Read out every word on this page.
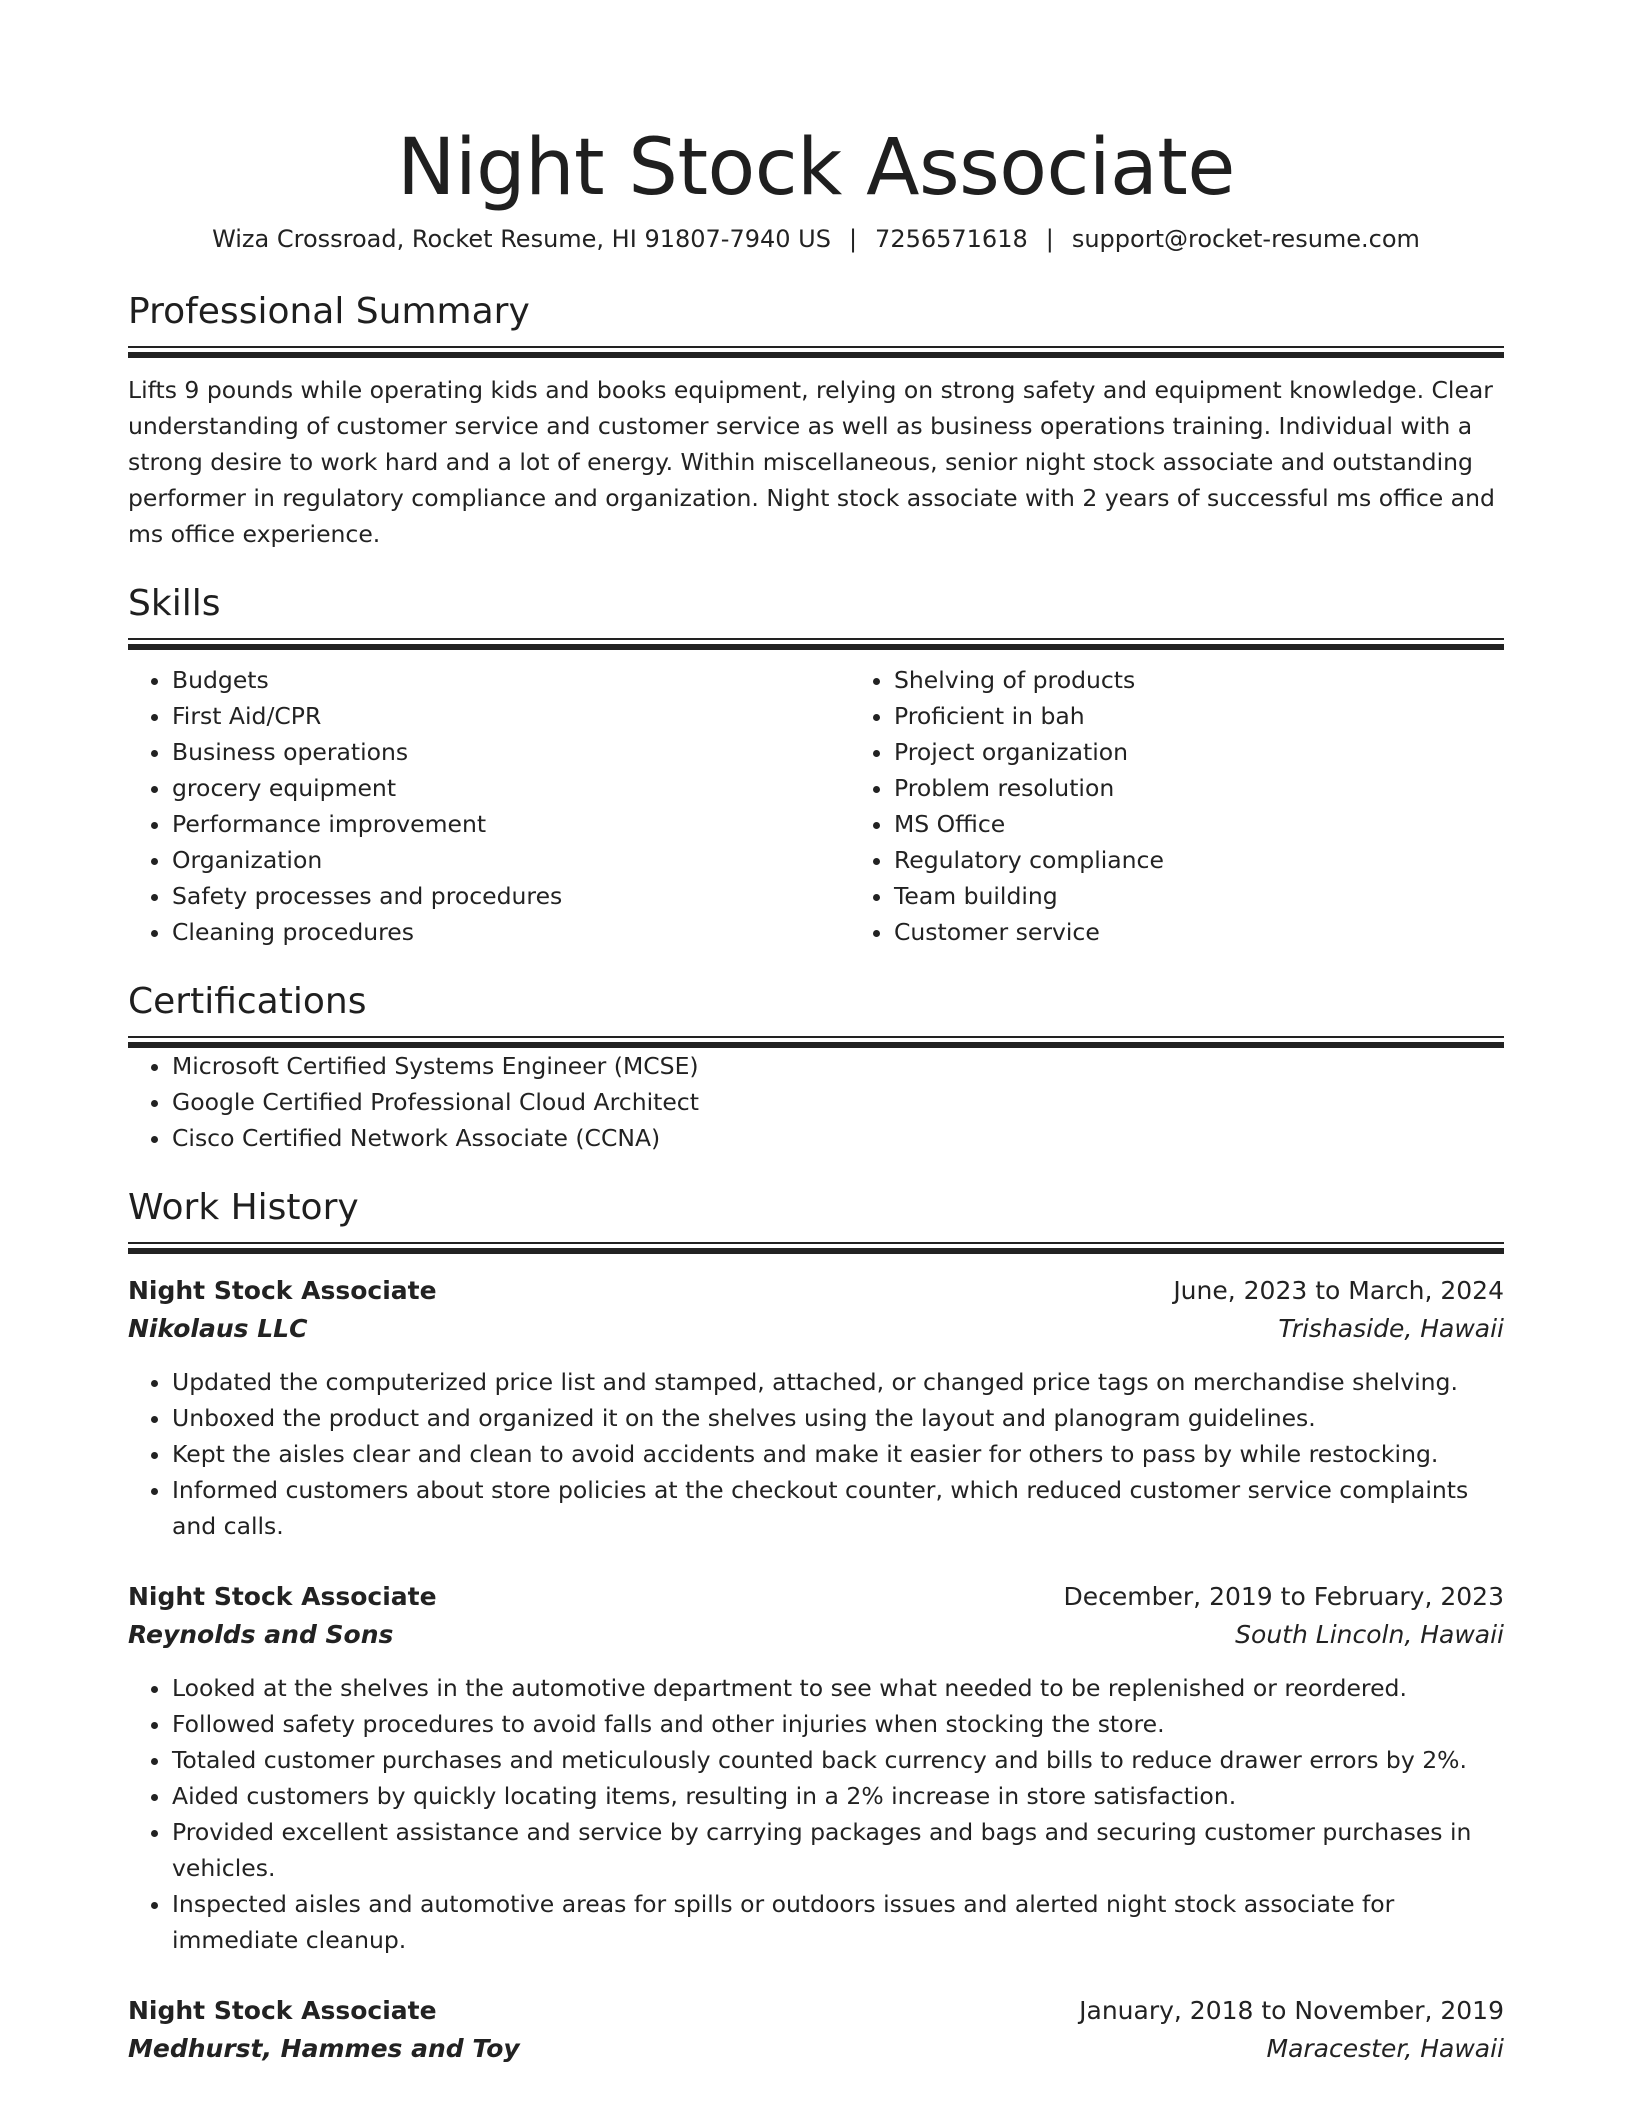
Night Stock Associate
Wiza Crossroad, Rocket Resume, HI 91807-7940 US | 7256571618 | support@rocket-resume.com
Professional Summary

Lifts 9 pounds while operating kids and books equipment, relying on strong safety and equipment knowledge. Clear understanding of customer service and customer service as well as business operations training. Individual with a strong desire to work hard and a lot of energy. Within miscellaneous, senior night stock associate and outstanding performer in regulatory compliance and organization. Night stock associate with 2 years of successful ms office and ms office experience.

Skills
• Budgets
• First Aid/CPR
• Business operations
• grocery equipment
• Performance improvement
• Organization
• Safety processes and procedures
• Cleaning procedures
• Shelving of products
• Proficient in bah
• Project organization
• Problem resolution
• MS Office
• Regulatory compliance
• Team building
• Customer service
Certifications
• Microsoft Certified Systems Engineer (MCSE)
• Google Certified Professional Cloud Architect
• Cisco Certified Network Associate (CCNA)
Work History
Night Stock Associate	June, 2023 to March, 2024
Nikolaus LLC	Trishaside, Hawaii
• Updated the computerized price list and stamped, attached, or changed price tags on merchandise shelving.
• Unboxed the product and organized it on the shelves using the layout and planogram guidelines.
• Kept the aisles clear and clean to avoid accidents and make it easier for others to pass by while restocking.
• Informed customers about store policies at the checkout counter, which reduced customer service complaints and calls.
Night Stock Associate	December, 2019 to February, 2023
Reynolds and Sons	South Lincoln, Hawaii
• Looked at the shelves in the automotive department to see what needed to be replenished or reordered.
• Followed safety procedures to avoid falls and other injuries when stocking the store.
• Totaled customer purchases and meticulously counted back currency and bills to reduce drawer errors by 2%.
• Aided customers by quickly locating items, resulting in a 2% increase in store satisfaction.
• Provided excellent assistance and service by carrying packages and bags and securing customer purchases in vehicles.
• Inspected aisles and automotive areas for spills or outdoors issues and alerted night stock associate for immediate cleanup.
Night Stock Associate	January, 2018 to November, 2019
Medhurst, Hammes and Toy	Maracester, Hawaii
